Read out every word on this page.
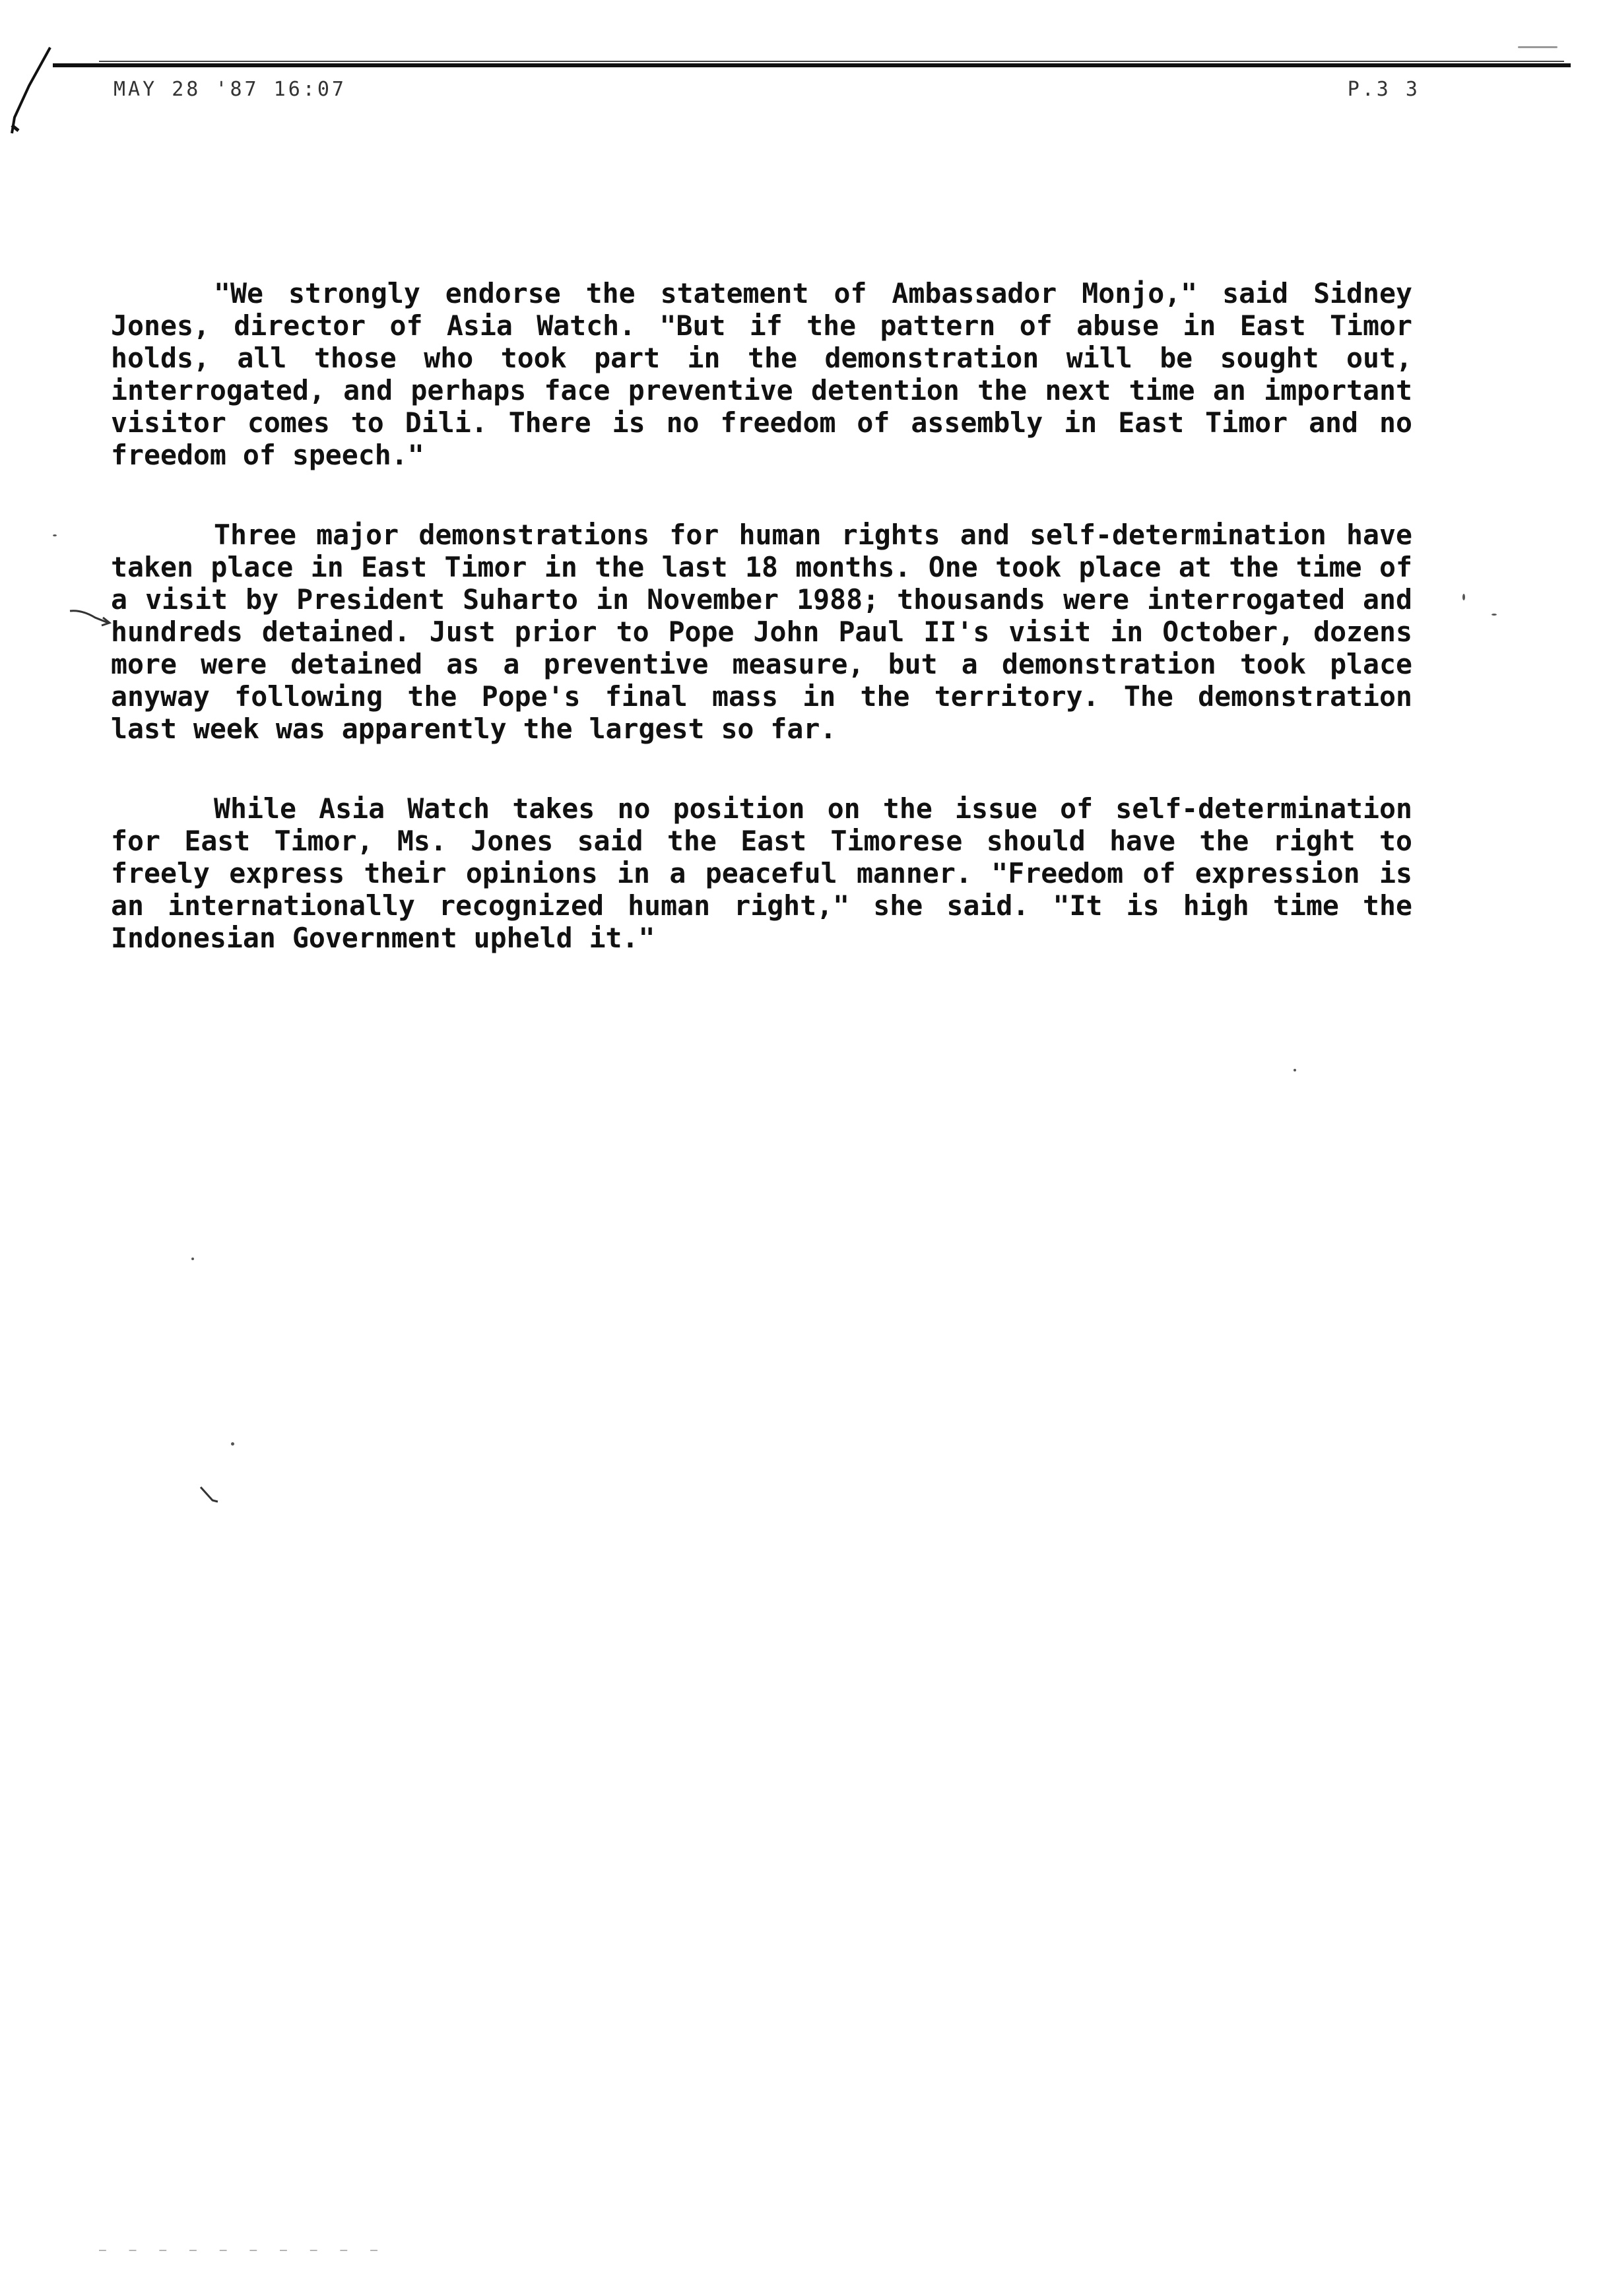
MAY 28 '87 16:07	P.3 3

"We strongly endorse the statement of Ambassador Monjo," said Sidney Jones, director of Asia Watch. "But if the pattern of abuse in East Timor holds, all those who took part in the demonstration will be sought out, interrogated, and perhaps face preventive detention the next time an important visitor comes to Dili. There is no freedom of assembly in East Timor and no freedom of speech."

Three major demonstrations for human rights and self-determination have taken place in East Timor in the last 18 months. One took place at the time of a visit by President Suharto in November 1988; thousands were interrogated and hundreds detained. Just prior to Pope John Paul II's visit in October, dozens more were detained as a preventive measure, but a demonstration took place anyway following the Pope's final mass in the territory. The demonstration last week was apparently the largest so far.

While Asia Watch takes no position on the issue of self-determination for East Timor, Ms. Jones said the East Timorese should have the right to freely express their opinions in a peaceful manner. "Freedom of expression is an internationally recognized human right," she said. "It is high time the Indonesian Government upheld it."

— — — — — — — — — —
